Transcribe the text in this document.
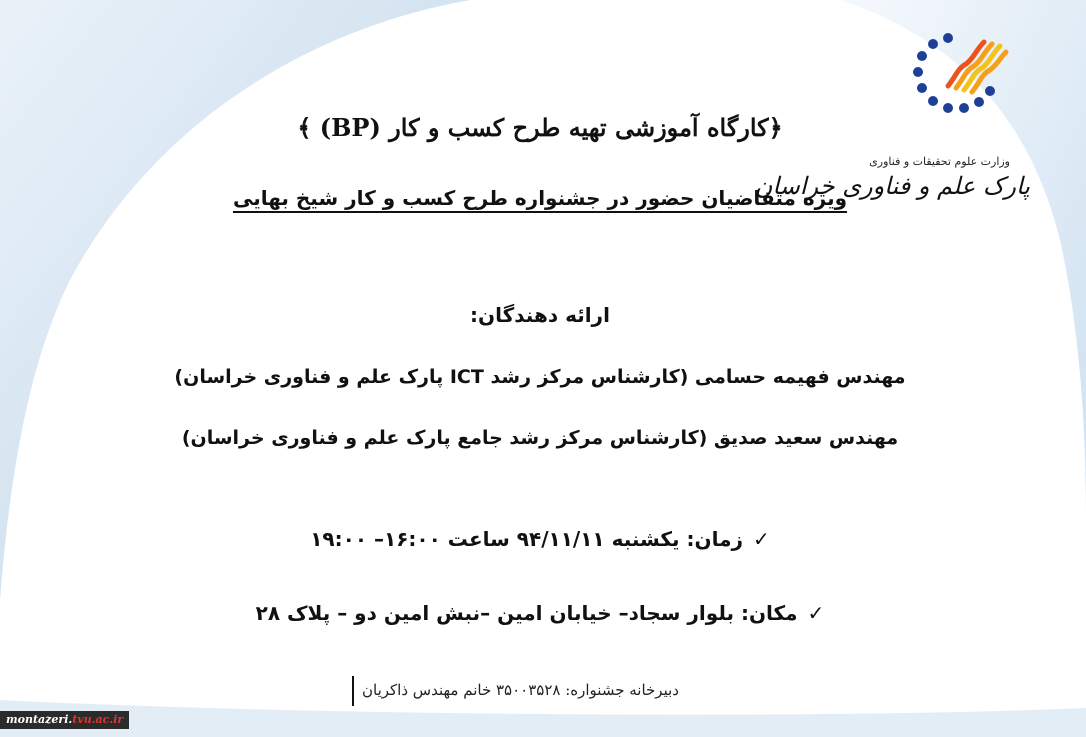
وزارت علوم تحقیقات و فناوری
پارک علم و فناوری خراسان
﴿کارگاه آموزشی تهیه طرح کسب و کار (BP) ﴾
ویژه متقاضیان حضور در جشنواره طرح کسب و کار شیخ بهایی
ارائه دهندگان:
مهندس فهیمه حسامی (کارشناس مرکز رشد ICT پارک علم و فناوری خراسان)
مهندس سعید صدیق (کارشناس مرکز رشد جامع پارک علم و فناوری خراسان)
✓زمان: یکشنبه ۹۴/۱۱/۱۱ ساعت ۱۶:۰۰– ۱۹:۰۰
✓مکان: بلوار سجاد– خیابان امین –نبش امین دو – پلاک ۲۸
دبیرخانه جشنواره: ۳۵۰۰۳۵۲۸ خانم مهندس ذاکریان
montazeri.tvu.ac.ir
